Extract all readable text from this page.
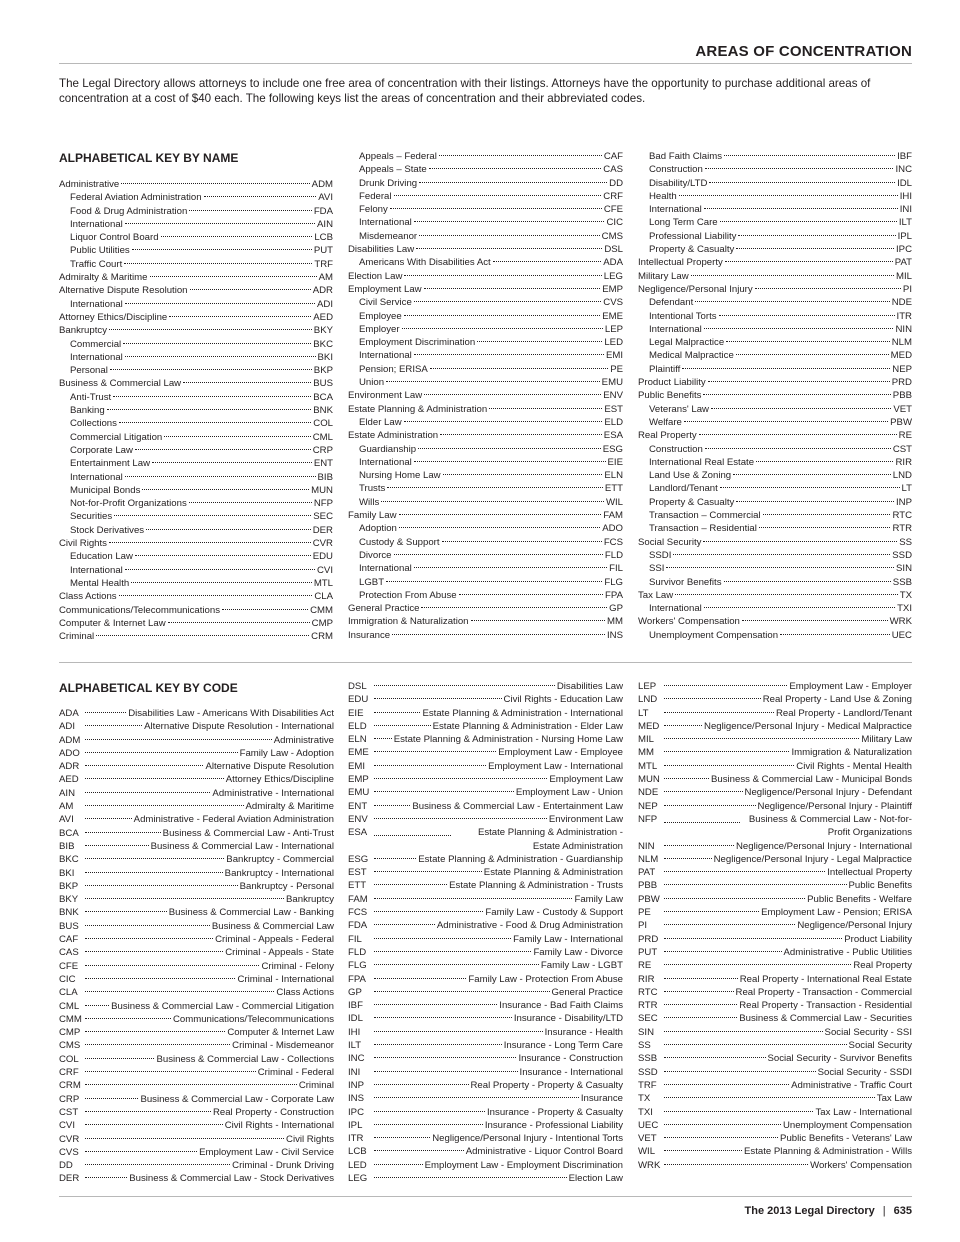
AREAS OF CONCENTRATION
The Legal Directory allows attorneys to include one free area of concentration with their listings. Attorneys have the opportunity to purchase additional areas of concentration at a cost of $40 each. The following keys list the areas of concentration and their abbreviated codes.
ALPHABETICAL KEY BY NAME
Administrative	ADM
Federal Aviation Administration	AVI
Food & Drug Administration	FDA
International	AIN
Liquor Control Board	LCB
Public Utilities	PUT
Traffic Court	TRF
Admiralty & Maritime	AM
Alternative Dispute Resolution	ADR
International	ADI
Attorney Ethics/Discipline	AED
Bankruptcy	BKY
Commercial	BKC
International	BKI
Personal	BKP
Business & Commercial Law	BUS
Anti-Trust	BCA
Banking	BNK
Collections	COL
Commercial Litigation	CML
Corporate Law	CRP
Entertainment Law	ENT
International	BIB
Municipal Bonds	MUN
Not-for-Profit Organizations	NFP
Securities	SEC
Stock Derivatives	DER
Civil Rights	CVR
Education Law	EDU
International	CVI
Mental Health	MTL
Class Actions	CLA
Communications/Telecommunications	CMM
Computer & Internet Law	CMP
Criminal	CRM
Appeals – Federal	CAF
Appeals – State	CAS
Drunk Driving	DD
Federal	CRF
Felony	CFE
International	CIC
Misdemeanor	CMS
Disabilities Law	DSL
Americans With Disabilities Act	ADA
Election Law	LEG
Employment Law	EMP
Civil Service	CVS
Employee	EME
Employer	LEP
Employment Discrimination	LED
International	EMI
Pension; ERISA	PE
Union	EMU
Environment Law	ENV
Estate Planning & Administration	EST
Elder Law	ELD
Estate Administration	ESA
Guardianship	ESG
International	EIE
Nursing Home Law	ELN
Trusts	ETT
Wills	WIL
Family Law	FAM
Adoption	ADO
Custody & Support	FCS
Divorce	FLD
International	FIL
LGBT	FLG
Protection From Abuse	FPA
General Practice	GP
Immigration & Naturalization	MM
Insurance	INS
Bad Faith Claims	IBF
Construction	INC
Disability/LTD	IDL
Health	IHI
International	INI
Long Term Care	ILT
Professional Liability	IPL
Property & Casualty	IPC
Intellectual Property	PAT
Military Law	MIL
Negligence/Personal Injury	PI
Defendant	NDE
Intentional Torts	ITR
International	NIN
Legal Malpractice	NLM
Medical Malpractice	MED
Plaintiff	NEP
Product Liability	PRD
Public Benefits	PBB
Veterans' Law	VET
Welfare	PBW
Real Property	RE
Construction	CST
International Real Estate	RIR
Land Use & Zoning	LND
Landlord/Tenant	LT
Property & Casualty	INP
Transaction – Commercial	RTC
Transaction – Residential	RTR
Social Security	SS
SSDI	SSD
SSI	SIN
Survivor Benefits	SSB
Tax Law	TX
International	TXI
Workers' Compensation	WRK
Unemployment Compensation	UEC
ALPHABETICAL KEY BY CODE
ADA	Disabilities Law - Americans With Disabilities Act
ADI	Alternative Dispute Resolution - International
ADM	Administrative
ADO	Family Law - Adoption
ADR	Alternative Dispute Resolution
AED	Attorney Ethics/Discipline
AIN	Administrative - International
AM	Admiralty & Maritime
AVI	Administrative - Federal Aviation Administration
BCA	Business & Commercial Law - Anti-Trust
BIB	Business & Commercial Law - International
BKC	Bankruptcy - Commercial
BKI	Bankruptcy - International
BKP	Bankruptcy - Personal
BKY	Bankruptcy
BNK	Business & Commercial Law - Banking
BUS	Business & Commercial Law
CAF	Criminal - Appeals - Federal
CAS	Criminal - Appeals - State
CFE	Criminal - Felony
CIC	Criminal - International
CLA	Class Actions
CML	Business & Commercial Law - Commercial Litigation
CMM	Communications/Telecommunications
CMP	Computer & Internet Law
CMS	Criminal - Misdemeanor
COL	Business & Commercial Law - Collections
CRF	Criminal - Federal
CRM	Criminal
CRP	Business & Commercial Law - Corporate Law
CST	Real Property - Construction
CVI	Civil Rights - International
CVR	Civil Rights
CVS	Employment Law - Civil Service
DD	Criminal - Drunk Driving
DER	Business & Commercial Law - Stock Derivatives
DSL	Disabilities Law
EDU	Civil Rights - Education Law
EIE	Estate Planning & Administration - International
ELD	Estate Planning & Administration - Elder Law
ELN	Estate Planning & Administration - Nursing Home Law
EME	Employment Law - Employee
EMI	Employment Law - International
EMP	Employment Law
EMU	Employment Law - Union
ENT	Business & Commercial Law - Entertainment Law
ENV	Environment Law
ESA	Estate Planning & Administration - Estate Administration
ESG	Estate Planning & Administration - Guardianship
EST	Estate Planning & Administration
ETT	Estate Planning & Administration - Trusts
FAM	Family Law
FCS	Family Law - Custody & Support
FDA	Administrative - Food & Drug Administration
FIL	Family Law - International
FLD	Family Law - Divorce
FLG	Family Law - LGBT
FPA	Family Law - Protection From Abuse
GP	General Practice
IBF	Insurance - Bad Faith Claims
IDL	Insurance - Disability/LTD
IHI	Insurance - Health
ILT	Insurance - Long Term Care
INC	Insurance - Construction
INI	Insurance - International
INP	Real Property - Property & Casualty
INS	Insurance
IPC	Insurance - Property & Casualty
IPL	Insurance - Professional Liability
ITR	Negligence/Personal Injury - Intentional Torts
LCB	Administrative - Liquor Control Board
LED	Employment Law - Employment Discrimination
LEG	Election Law
LEP	Employment Law - Employer
LND	Real Property - Land Use & Zoning
LT	Real Property - Landlord/Tenant
MED	Negligence/Personal Injury - Medical Malpractice
MIL	Military Law
MM	Immigration & Naturalization
MTL	Civil Rights - Mental Health
MUN	Business & Commercial Law - Municipal Bonds
NDE	Negligence/Personal Injury - Defendant
NEP	Negligence/Personal Injury - Plaintiff
NFP	Business & Commercial Law - Not-for-Profit Organizations
NIN	Negligence/Personal Injury - International
NLM	Negligence/Personal Injury - Legal Malpractice
PAT	Intellectual Property
PBB	Public Benefits
PBW	Public Benefits - Welfare
PE	Employment Law - Pension; ERISA
PI	Negligence/Personal Injury
PRD	Product Liability
PUT	Administrative - Public Utilities
RE	Real Property
RIR	Real Property - International Real Estate
RTC	Real Property - Transaction - Commercial
RTR	Real Property - Transaction - Residential
SEC	Business & Commercial Law - Securities
SIN	Social Security - SSI
SS	Social Security
SSB	Social Security - Survivor Benefits
SSD	Social Security - SSDI
TRF	Administrative - Traffic Court
TX	Tax Law
TXI	Tax Law - International
UEC	Unemployment Compensation
VET	Public Benefits - Veterans' Law
WIL	Estate Planning & Administration - Wills
WRK	Workers' Compensation
The 2013 Legal Directory | 635
